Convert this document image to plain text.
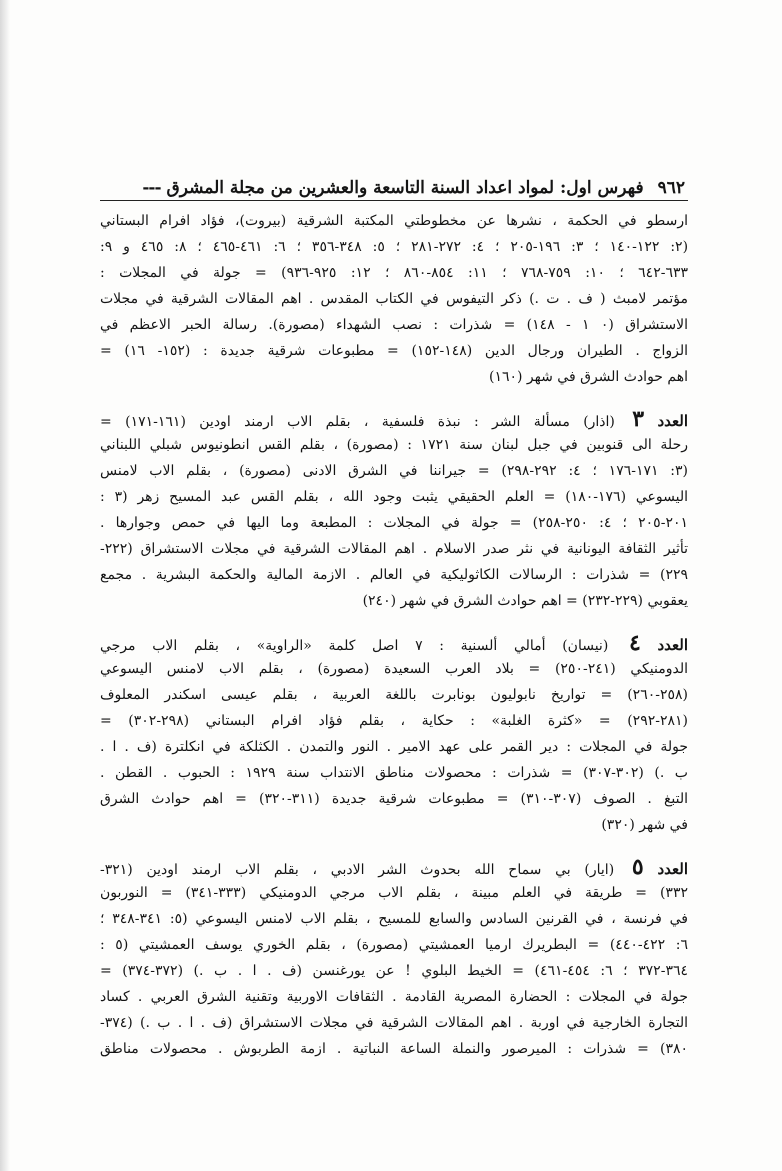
٩٦٢
فهرس اول: لمواد اعداد السنة التاسعة والعشرين من مجلة المشرق
---
ارسطو في الحكمة ، نشرها عن مخطوطتي المكتبة الشرقية (بيروت)، فؤاد افرام البستاني
(٢: ١٢٢-١٤٠ ؛ ٣: ١٩٦-٢٠٥ ؛ ٤: ٢٧٢-٢٨١ ؛ ٥: ٣٤٨-٣٥٦ ؛ ٦: ٤٦١-٤٦٥ ؛ ٨: ٤٦٥ و ٩:
٦٣٣-٦٤٢ ؛ ١٠: ٧٥٩-٧٦٨ ؛ ١١: ٨٥٤-٨٦٠ ؛ ١٢: ٩٢٥-٩٣٦) = جولة في المجلات :
مؤتمر لامبث ( ف . ت .) ذكر التيفوس في الكتاب المقدس . اهم المقالات الشرقية في مجلات
الاستشراق (٠ ١ - ١٤٨) = شذرات : نصب الشهداء (مصورة). رسالة الحبر الاعظم في
الزواج . الطيران ورجال الدين (١٤٨-١٥٢) = مطبوعات شرقية جديدة : (١٥٢- ١٦) =
اهم حوادث الشرق في شهر (١٦٠)
العدد ٣ (اذار) مسألة الشر : نبذة فلسفية ، بقلم الاب ارمند اودين (١٦١-١٧١) =
رحلة الى قنوبين في جبل لبنان سنة ١٧٢١ : (مصورة) ، بقلم القس انطونيوس شبلي اللبناني
(٣: ١٧١-١٧٦ ؛ ٤: ٢٩٢-٢٩٨) = جيراننا في الشرق الادنى (مصورة) ، بقلم الاب لامنس
اليسوعي (١٧٦-١٨٠) = العلم الحقيقي يثبت وجود الله ، بقلم القس عبد المسيح زهر (٣ :
٢٠١-٢٠٥ ؛ ٤: ٢٥٠-٢٥٨) = جولة في المجلات : المطبعة وما اليها في حمص وجوارها .
تأثير الثقافة اليونانية في نثر صدر الاسلام . اهم المقالات الشرقية في مجلات الاستشراق (٢٢٢-
٢٢٩) = شذرات : الرسالات الكاثوليكية في العالم . الازمة المالية والحكمة البشرية . مجمع
يعقوبي (٢٢٩-٢٣٢) = اهم حوادث الشرق في شهر (٢٤٠)
العدد ٤ (نيسان) أمالي ألسنية : ٧ اصل كلمة «الراوية» ، بقلم الاب مرجي
الدومنيكي (٢٤١-٢٥٠) = بلاد العرب السعيدة (مصورة) ، بقلم الاب لامنس اليسوعي
(٢٥٨-٢٦٠) = تواريخ نابوليون بونابرت باللغة العربية ، بقلم عيسى اسكندر المعلوف
(٢٨١-٢٩٢) = «كثرة الغلبة» : حكاية ، بقلم فؤاد افرام البستاني (٢٩٨-٣٠٢) =
جولة في المجلات : دير القمر على عهد الامير . النور والتمدن . الكثلكة في انكلترة (ف . ا .
ب .) (٣٠٢-٣٠٧) = شذرات : محصولات مناطق الانتداب سنة ١٩٢٩ : الحبوب . القطن .
التبغ . الصوف (٣٠٧-٣١٠) = مطبوعات شرقية جديدة (٣١١-٣٢٠) = اهم حوادث الشرق
في شهر (٣٢٠)
العدد ٥ (ايار) بي سماح الله بحدوث الشر الادبي ، بقلم الاب ارمند اودين (٣٢١-
٣٣٢) = طريقة في العلم مبينة ، بقلم الاب مرجي الدومنيكي (٣٣٣-٣٤١) = النوربون
في فرنسة ، في القرنين السادس والسابع للمسيح ، بقلم الاب لامنس اليسوعي (٥: ٣٤١-٣٤٨ ؛
٦: ٤٢٢-٤٤٠) = البطريرك ارميا العمشيتي (مصورة) ، بقلم الخوري يوسف العمشيتي (٥ :
٣٦٤-٣٧٢ ؛ ٦: ٤٥٤-٤٦١) = الخيط البلوي ! عن يورغنسن (ف . ا . ب .) (٣٧٢-٣٧٤) =
جولة في المجلات : الحضارة المصرية القادمة . الثقافات الاوربية وتقنية الشرق العربي . كساد
التجارة الخارجية في اوربة . اهم المقالات الشرقية في مجلات الاستشراق (ف . ا . ب .) (٣٧٤-
٣٨٠) = شذرات : الميرصور والنملة الساعة النباتية . ازمة الطربوش . محصولات مناطق
